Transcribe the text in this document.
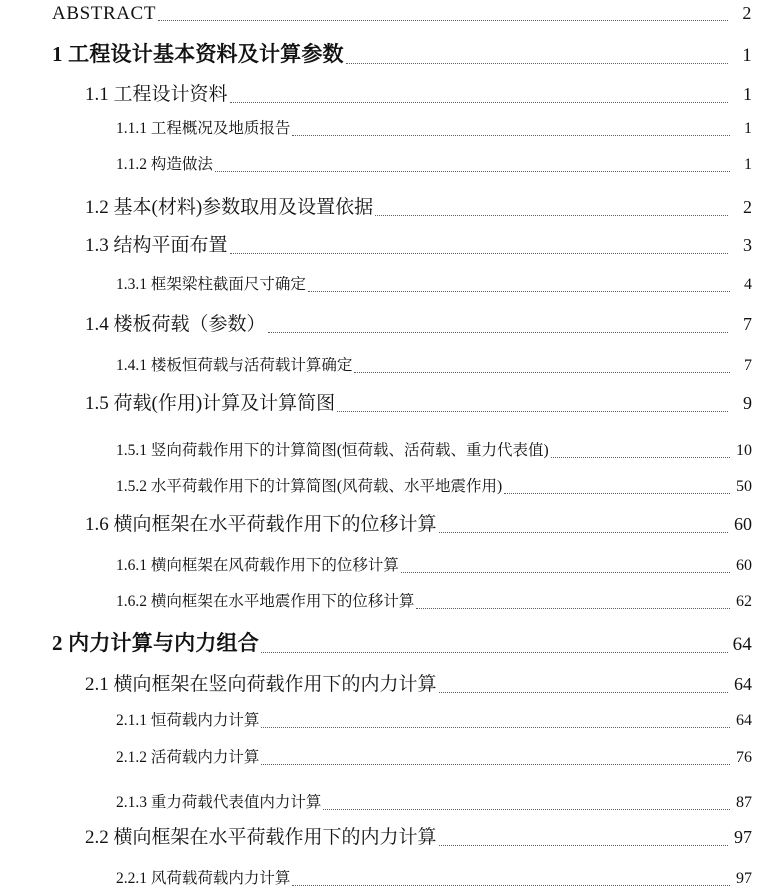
ABSTRACT	2
1 工程设计基本资料及计算参数	1
1.1 工程设计资料	1
1.1.1 工程概况及地质报告	1
1.1.2 构造做法	1
1.2 基本(材料)参数取用及设置依据	2
1.3 结构平面布置	3
1.3.1 框架梁柱截面尺寸确定	4
1.4 楼板荷载（参数）	7
1.4.1 楼板恒荷载与活荷载计算确定	7
1.5 荷载(作用)计算及计算简图	9
1.5.1 竖向荷载作用下的计算简图(恒荷载、活荷载、重力代表值)	10
1.5.2 水平荷载作用下的计算简图(风荷载、水平地震作用)	50
1.6 横向框架在水平荷载作用下的位移计算	60
1.6.1 横向框架在风荷载作用下的位移计算	60
1.6.2 横向框架在水平地震作用下的位移计算	62
2 内力计算与内力组合	64
2.1 横向框架在竖向荷载作用下的内力计算	64
2.1.1 恒荷载内力计算	64
2.1.2 活荷载内力计算	76
2.1.3 重力荷载代表值内力计算	87
2.2 横向框架在水平荷载作用下的内力计算	97
2.2.1 风荷载荷载内力计算	97
